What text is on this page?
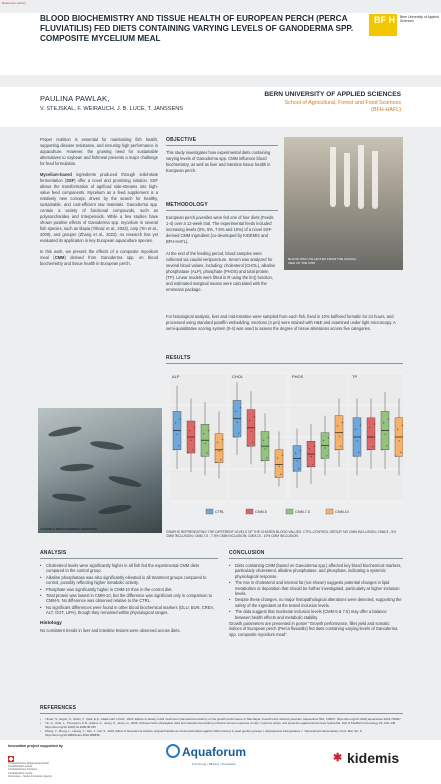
Reference Library
BLOOD BIOCHEMISTRY AND TISSUE HEALTH OF EUROPEAN PERCH (PERCA FLUVIATILIS) FED DIETS CONTAINING VARYING LEVELS OF GANODERMA SPP. COMPOSITE MYCELIUM MEAL
BF H Bern University of Applied Sciences
PAULINA PAWLAK,
V. STEJSKAL, F. WEIRAUCH, J. B. LUCE, T. JANSSENS
BERN UNIVERSITY OF APPLIED SCIENCES
School of Agricultural, Forest and Food Sciences
(BFH-HAFL)

Proper nutrition is essential for maintaining fish health, supporting disease resistance, and ensuring high performance in aquaculture. However, the growing need for sustainable alternatives to soybean and fishmeal presents a major challenge for feed formulation.

Mycelium-based ingredients produced through solid-state fermentation (SSF) offer a novel and promising solution. SSF allows the transformation of agrifood side-streams into high-value feed components. Mycelium as a feed supplement is a relatively new concept, driven by the search for healthy, sustainable, and cost-efficient raw materials. Ganoderma spp. contain a variety of functional compounds, such as polysaccharides and triterpenoids. While a few studies have shown positive effects of Ganoderma spp. mycelium in several fish species, such as tilapia (Yilmaz et al., 2023), carp (Yin et al., 2009), and grouper (Zhang et al., 2022), no research has yet evaluated its application in key European aquaculture species.

In this work, we present the effects of a composite mycelium meal (CMM) derived from Ganoderma spp. on blood biochemistry and tissue health in European perch.

JUVENILE PERCH DURING SAMPLING
OBJECTIVE
This study investigates how experimental diets containing varying levels of Ganoderma spp. CMM influence blood biochemistry, as well as liver and intestine tissue health in European perch.
METHODOLOGY
European perch juveniles were fed one of four diets (Feeds 1-4) over a 12-week trial. The experimental feeds included increasing levels (0%, 5%, 7.5% and 10%) of a novel SSF-derived CMM ingredient (co-developed by KIDEMIS and BFH-HAFL).
At the end of the feeding period, blood samples were collected via caudal venipuncture. Serum was analyzed for several blood values, including: cholesterol (CHOL), alkaline phosphatase (ALP), phosphate (PHOS) and total protein (TP). Linear models were fitted in R using the lm() function, and estimated marginal means were calculated with the emmeans package.
BLOOD WAS COLLECTED FROM THE CAUDAL VEIN OF THE FISH
For histological analysis, liver and mid-intestine were sampled from each fish, fixed in 10% buffered formalin for 24 hours, and processed using standard paraffin embedding. Sections (4 μm) were stained with H&E and examined under light microscopy. A semi-quantitative scoring system (0-4) was used to assess the degree of tissue alterations across five categories.
RESULTS
ALP	CHOL	PHOS	TP
CTRL	CMM-5	CMM-7.5	CMM-10
GRAPHS REPRESENTING THE DIFFERENT LEVELS OF THE CHOSEN BLOOD VALUES: CTRL-CONTROL GROUP, NO CMM INCLUSION; CMM-5 - 5% CMM INCLUSION; CMM-7.5 - 7.5% CMM INCLUSION; CMM-10 - 10% CMM INCLUSION.
ANALYSIS
• Cholesterol levels were significantly higher in all fish fed the experimental CMM diets compared to the control group.
• Alkaline phosphatase was also significantly elevated in all treatment groups compared to control, possibly reflecting higher metabolic activity.
• Phosphate was significantly higher in CMM-10 than in the control diet.
• Total protein was lowest in CMM-10, but the difference was significant only in comparison to CMM-5. No difference was observed relative to the CTRL.
• No significant differences were found in other blood biochemical markers (GLU, BUN, CREA, ALT, GGT, LIPA), though they remained within physiological ranges.
Histology
No consistent trends in liver and intestine lesions were observed across diets.
CONCLUSION
• Diets containing CMM (based on Ganoderma spp.) affected key blood biochemical markers, particularly cholesterol, alkaline phosphatase, and phosphate, indicating a systemic physiological response.
• The rise in cholesterol and internal fat (not shown) suggests potential changes in lipid metabolism or deposition that should be further investigated, particularly at higher inclusion levels.
• Despite these changes, no major histopathological alterations were detected, supporting the safety of the ingredient at the tested inclusion levels.
• The data suggest that moderate inclusion levels (CMM-5 & 7.5) may offer a balance between health effects and metabolic stability.
Growth parameters are presented in poster "Growth performance, fillet yield and somatic indices of European perch (Perca fluviatilis) fed diets containing varying levels of Ganoderma spp. composite mycelium meal".
REFERENCES
• Yilmaz, S., Ergün, S., Sahin, T., Çelik, E.Ş., Abdel-Latif, H.M.R., 2023. Effects of dietary reishi mushroom (Ganoderma lucidum) on the growth performance of Nile tilapia, Oreochromis niloticus juveniles. Aquaculture 564, 739007. https://doi.org/10.1016/j.aquaculture.2022.739007
• Yin, G., Ardó, L., Thompson, K.D., Adams, A., Jeney, Z., Jeney, G., 2009. Chinese herbs (Astragalus radix and Ganoderma lucidum) enhance immune response of carp, Cyprinus carpio, and protection against Aeromonas hydrophila. Fish & Shellfish Immunology 26, 140–145. https://doi.org/10.1016/j.fsi.2008.08.015
• Zhang, Y., Zhong, L., Huang, Y., Jian, J., Cai, S., 2022. Effect of Ganoderma lucidum polysaccharides as immunostimulants against Vibrio harveyi in pearl gentian grouper (♀Epinephelus fuscoguttatus × ♂Epinephelus lanceolatus). Front. Mar. Sci. 9. https://doi.org/10.3389/fmars.2022.968838
Innovation project supported by
Schweizerische Eidgenossenschaft
Confédération suisse
Confederazione Svizzera
Confederaziun svizra
Innosuisse – Swiss Innovation Agency
Aquaforum
Forschung • Bildung • Produktion	✱ kidemis
